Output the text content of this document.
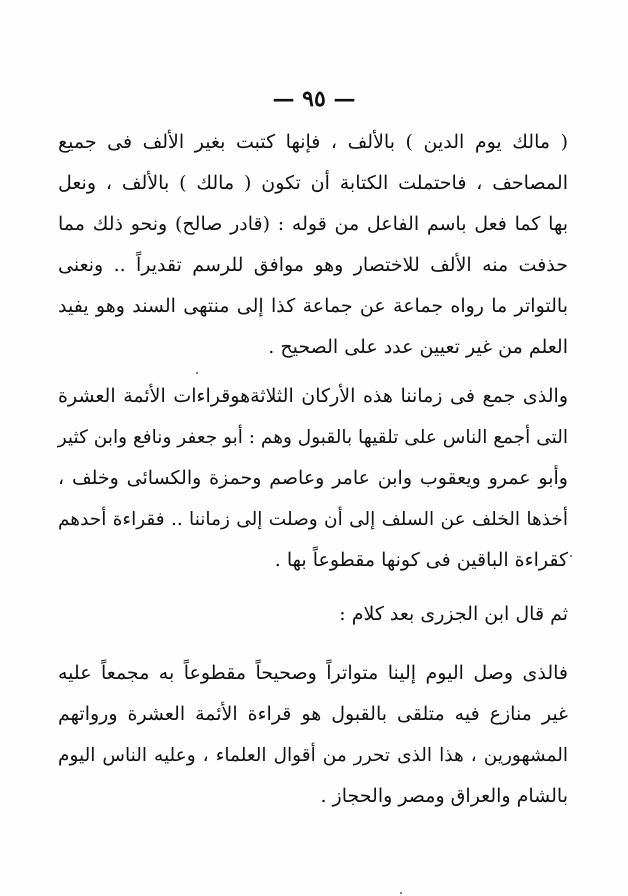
— ٩٥ —
( مالك يوم الدين ) بالألف ، فإنها كتبت بغير الألف فى جميع
المصاحف ، فاحتملت الكتابة أن تكون ( مالك ) بالألف ، ونعل
بها كما فعل باسم الفاعل من قوله : (قادر صالح) ونحو ذلك مما
حذفت منه الألف للاختصار وهو موافق للرسم تقديراً .. ونعنى
بالتواتر ما رواه جماعة عن جماعة كذا إلى منتهى السند وهو يفيد
العلم من غير تعيين عدد على الصحيح .
والذى جمع فى زماننا هذه الأركان الثلاثةهوقراءات الأئمة العشرة
التى أجمع الناس على تلقيها بالقبول وهم : أبو جعفر ونافع وابن كثير
وأبو عمرو ويعقوب وابن عامر وعاصم وحمزة والكسائى وخلف ،
أخذها الخلف عن السلف إلى أن وصلت إلى زماننا .. فقراءة أحدهم
كقراءة الباقين فى كونها مقطوعاً بها .
ثم قال ابن الجزرى بعد كلام :
فالذى وصل اليوم إلينا متواتراً وصحيحاً مقطوعاً به مجمعاً عليه
غير منازع فيه متلقى بالقبول هو قراءة الأئمة العشرة ورواتهم
المشهورين ، هذا الذى تحرر من أقوال العلماء ، وعليه الناس اليوم
بالشام والعراق ومصر والحجاز .
